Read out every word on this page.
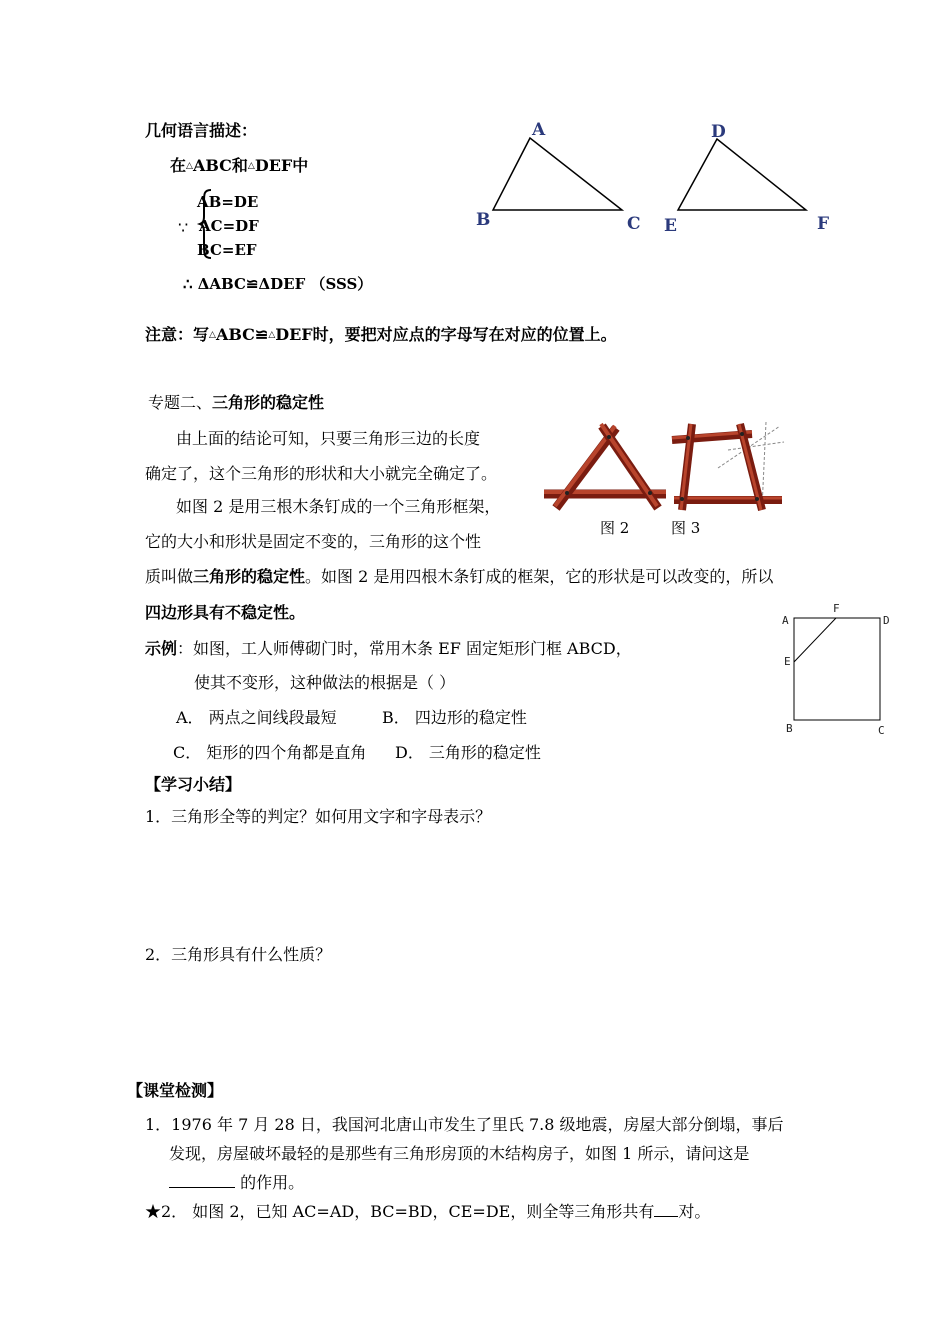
几何语言描述：
在△ABC和△DEF中
∵
AB=DE
AC=DF
BC=EF
∴ ΔABC≌ΔDEF （SSS）
A
B	C
D
E	F
注意：写△ABC≌△DEF时，要把对应点的字母写在对应的位置上。
专题二、三角形的稳定性
由上面的结论可知，只要三角形三边的长度
确定了，这个三角形的形状和大小就完全确定了。
如图 2 是用三根木条钉成的一个三角形框架，
它的大小和形状是固定不变的，三角形的这个性
质叫做三角形的稳定性。如图 2 是用四根木条钉成的框架，它的形状是可以改变的，所以
四边形具有不稳定性。
图 2	图 3
示例：如图，工人师傅砌门时，常用木条 EF 固定矩形门框 ABCD，
使其不变形，这种做法的根据是（ ）
A． 两点之间线段最短	B． 四边形的稳定性
C． 矩形的四个角都是直角 D． 三角形的稳定性
A
F
D
E
B	C
【学习小结】
1．三角形全等的判定？如何用文字和字母表示？
2．三角形具有什么性质？
【课堂检测】
1．1976 年 7 月 28 日，我国河北唐山市发生了里氏 7.8 级地震，房屋大部分倒塌，事后
发现，房屋破坏最轻的是那些有三角形房顶的木结构房子，如图 1 所示，请问这是
的作用。
★2． 如图 2，已知 AC=AD，BC=BD，CE=DE，则全等三角形共有 对。
